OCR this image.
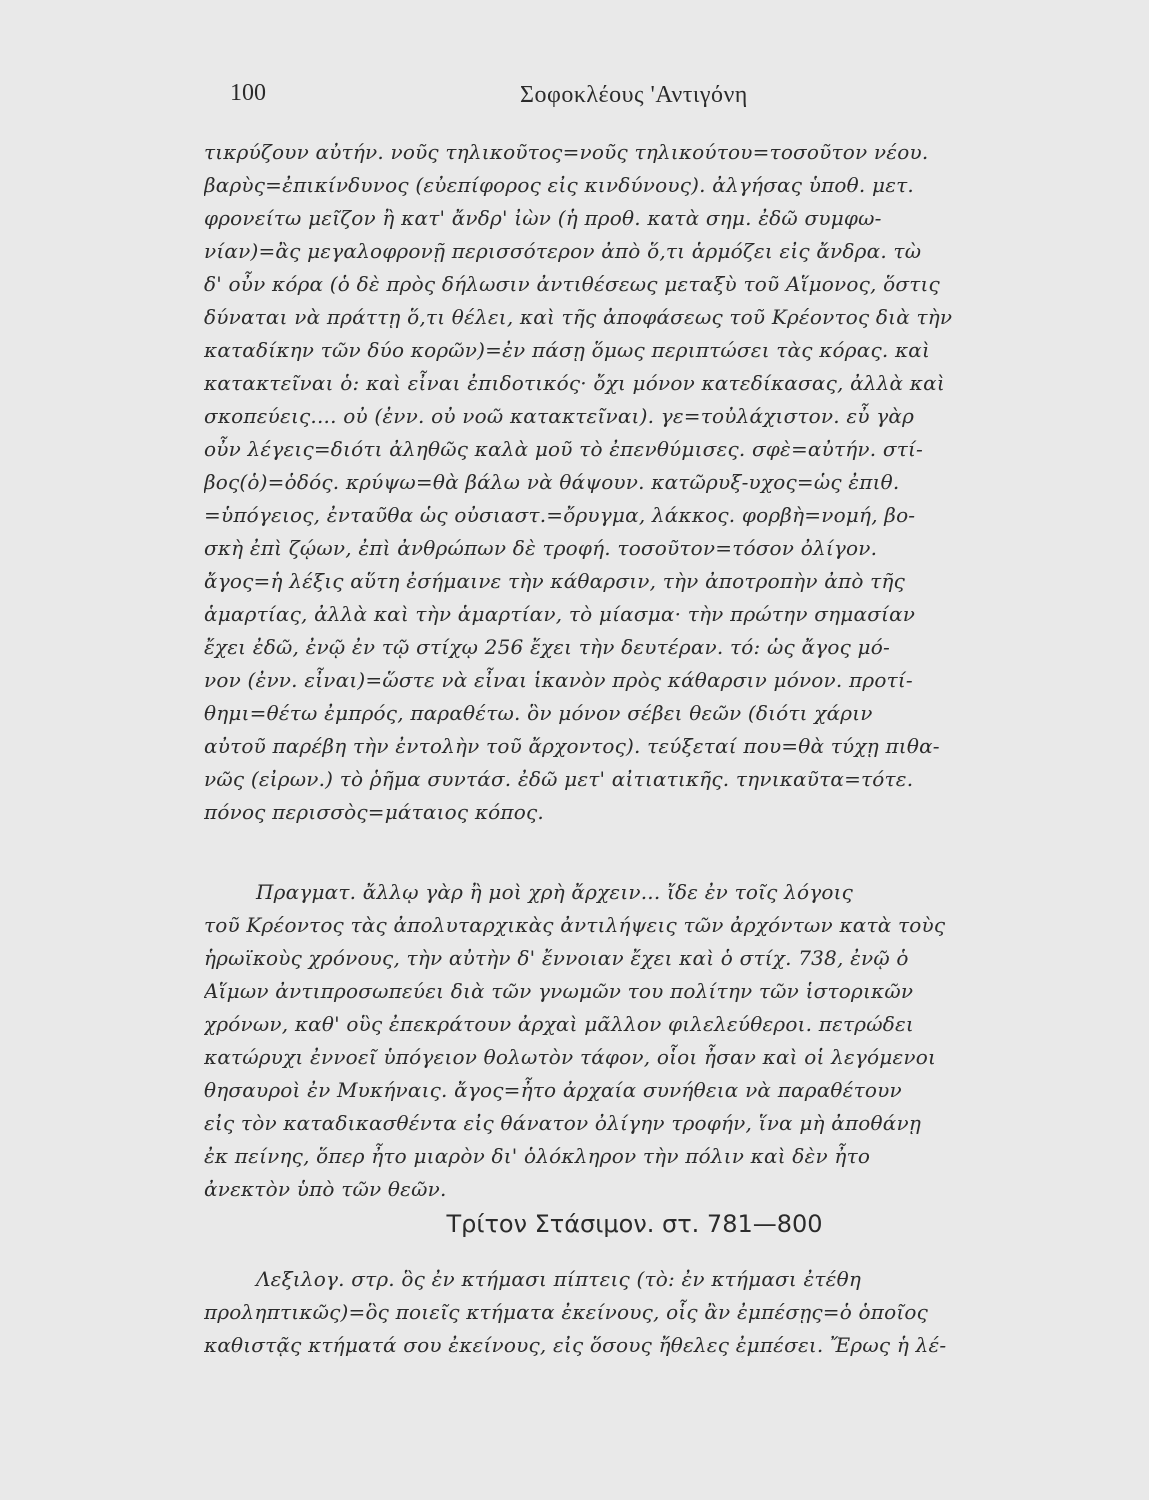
100	Σοφοκλέους 'Αντιγόνη
τικρύζουν αὐτήν. νοῦς τηλικοῦτος=νοῦς τηλικούτου=τοσοῦτον νέου.
βαρὺς=ἐπικίνδυνος (εὐεπίφορος εἰς κινδύνους). ἀλγήσας ὑποθ. μετ.
φρονείτω μεῖζον ἢ κατ' ἄνδρ' ἰὼν (ἡ προθ. κατὰ σημ. ἐδῶ συμφω-
νίαν)=ἂς μεγαλοφρονῇ περισσότερον ἀπὸ ὅ,τι ἁρμόζει εἰς ἄνδρα. τὼ
δ' οὖν κόρα (ὁ δὲ πρὸς δήλωσιν ἀντιθέσεως μεταξὺ τοῦ Αἵμονος, ὅστις
δύναται νὰ πράττῃ ὅ,τι θέλει, καὶ τῆς ἀποφάσεως τοῦ Κρέοντος διὰ τὴν
καταδίκην τῶν δύο κορῶν)=ἐν πάσῃ ὅμως περιπτώσει τὰς κόρας. καὶ
κατακτεῖναι ὁ: καὶ εἶναι ἐπιδοτικός· ὄχι μόνον κατεδίκασας, ἀλλὰ καὶ
σκοπεύεις.... οὐ (ἐνν. οὐ νοῶ κατακτεῖναι). γε=τοὐλάχιστον. εὖ γὰρ
οὖν λέγεις=διότι ἀληθῶς καλὰ μοῦ τὸ ἐπενθύμισες. σφὲ=αὐτήν. στί-
βος(ὁ)=ὁδός. κρύψω=θὰ βάλω νὰ θάψουν. κατῶρυξ-υχος=ὡς ἐπιθ.
=ὑπόγειος, ἐνταῦθα ὡς οὐσιαστ.=ὄρυγμα, λάκκος. φορβὴ=νομή, βο-
σκὴ ἐπὶ ζῴων, ἐπὶ ἀνθρώπων δὲ τροφή. τοσοῦτον=τόσον ὀλίγον.
ἄγος=ἡ λέξις αὕτη ἐσήμαινε τὴν κάθαρσιν, τὴν ἀποτροπὴν ἀπὸ τῆς
ἁμαρτίας, ἀλλὰ καὶ τὴν ἁμαρτίαν, τὸ μίασμα· τὴν πρώτην σημασίαν
ἔχει ἐδῶ, ἐνῷ ἐν τῷ στίχῳ 256 ἔχει τὴν δευτέραν. τό: ὡς ἄγος μό-
νον (ἐνν. εἶναι)=ὥστε νὰ εἶναι ἱκανὸν πρὸς κάθαρσιν μόνον. προτί-
θημι=θέτω ἐμπρός, παραθέτω. ὃν μόνον σέβει θεῶν (διότι χάριν
αὐτοῦ παρέβη τὴν ἐντολὴν τοῦ ἄρχοντος). τεύξεταί που=θὰ τύχῃ πιθα-
νῶς (εἰρων.) τὸ ῥῆμα συντάσ. ἐδῶ μετ' αἰτιατικῆς. τηνικαῦτα=τότε.
πόνος περισσὸς=μάταιος κόπος.
Πραγματ. ἄλλῳ γὰρ ἢ μοὶ χρὴ ἄρχειν... ἴδε ἐν τοῖς λόγοις
τοῦ Κρέοντος τὰς ἀπολυταρχικὰς ἀντιλήψεις τῶν ἀρχόντων κατὰ τοὺς
ἡρωϊκοὺς χρόνους, τὴν αὐτὴν δ' ἔννοιαν ἔχει καὶ ὁ στίχ. 738, ἐνῷ ὁ
Αἵμων ἀντιπροσωπεύει διὰ τῶν γνωμῶν του πολίτην τῶν ἱστορικῶν
χρόνων, καθ' οὓς ἐπεκράτουν ἀρχαὶ μᾶλλον φιλελεύθεροι. πετρώδει
κατώρυχι ἐννοεῖ ὑπόγειον θολωτὸν τάφον, οἷοι ἦσαν καὶ οἱ λεγόμενοι
θησαυροὶ ἐν Μυκήναις. ἄγος=ἦτο ἀρχαία συνήθεια νὰ παραθέτουν
εἰς τὸν καταδικασθέντα εἰς θάνατον ὀλίγην τροφήν, ἵνα μὴ ἀποθάνῃ
ἐκ πείνης, ὅπερ ἦτο μιαρὸν δι' ὁλόκληρον τὴν πόλιν καὶ δὲν ἦτο
ἀνεκτὸν ὑπὸ τῶν θεῶν.
Τρίτον Στάσιμον. στ. 781—800
Λεξιλογ. στρ. ὃς ἐν κτήμασι πίπτεις (τὸ: ἐν κτήμασι ἐτέθη
προληπτικῶς)=ὃς ποιεῖς κτήματα ἐκείνους, οἷς ἂν ἐμπέσῃς=ὁ ὁποῖος
καθιστᾷς κτήματά σου ἐκείνους, εἰς ὅσους ἤθελες ἐμπέσει. Ἔρως ἡ λέ-
